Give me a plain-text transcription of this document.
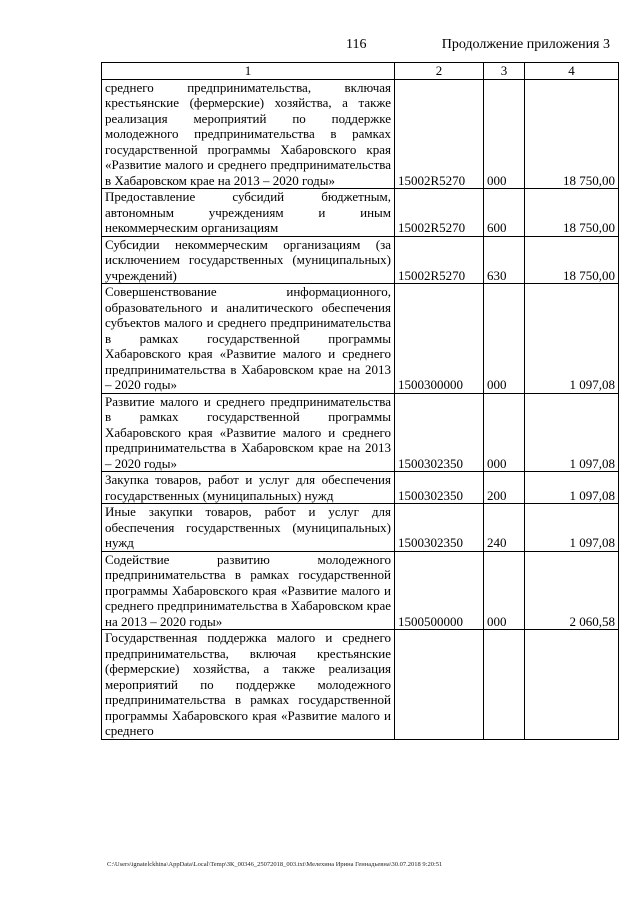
116	Продолжение приложения 3
1	2	3	4
среднего предпринимательства, включая крестьянские (фермерские) хозяйства, а также реализация мероприятий по поддержке молодежного предпринимательства в рамках государственной программы Хабаровского края «Развитие малого и среднего предпринимательства в Хабаровском крае на 2013 – 2020 годы»	15002R5270	000	18 750,00
Предоставление субсидий бюджетным, автономным учреждениям и иным некоммерческим организациям	15002R5270	600	18 750,00
Субсидии некоммерческим организациям (за исключением государственных (муниципальных) учреждений)	15002R5270	630	18 750,00
Совершенствование информационного, образовательного и аналитического обеспечения субъектов малого и среднего предпринимательства в рамках государственной программы Хабаровского края «Развитие малого и среднего предпринимательства в Хабаровском крае на 2013 – 2020 годы»	1500300000	000	1 097,08
Развитие малого и среднего предпринимательства в рамках государственной программы Хабаровского края «Развитие малого и среднего предпринимательства в Хабаровском крае на 2013 – 2020 годы»	1500302350	000	1 097,08
Закупка товаров, работ и услуг для обеспечения государственных (муниципальных) нужд	1500302350	200	1 097,08
Иные закупки товаров, работ и услуг для обеспечения государственных (муниципальных) нужд	1500302350	240	1 097,08
Содействие развитию молодежного предпринимательства в рамках государственной программы Хабаровского края «Развитие малого и среднего предпринимательства в Хабаровском крае на 2013 – 2020 годы»	1500500000	000	2 060,58
Государственная поддержка малого и среднего предпринимательства, включая крестьянские (фермерские) хозяйства, а также реализация мероприятий по поддержке молодежного предпринимательства в рамках государственной программы Хабаровского края «Развитие малого и среднего			
C:\Users\ignatelckhina\AppData\Local\Temp\ЗК_00346_25072018_003.txt\Мелехина Ирина Геннадьевна\30.07.2018 9:20:51
